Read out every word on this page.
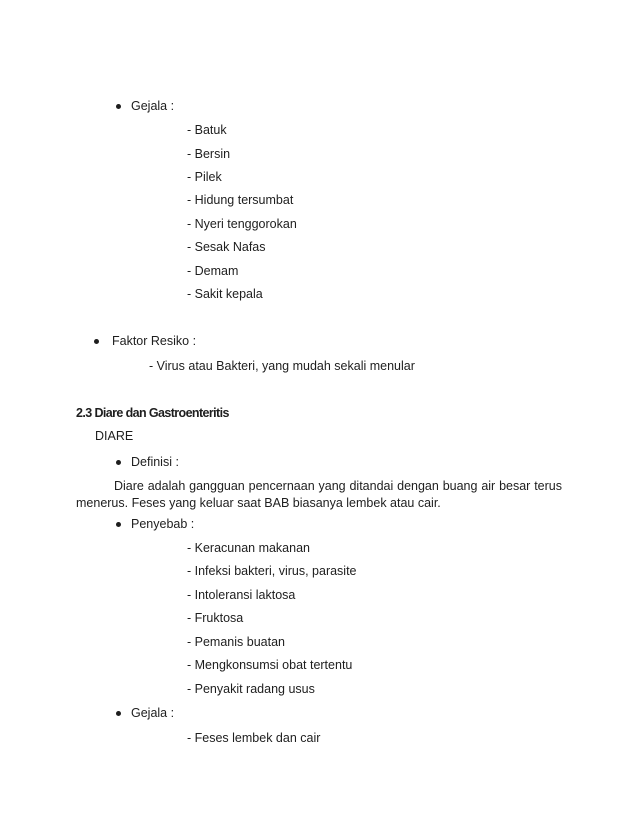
Gejala :
- Batuk
- Bersin
- Pilek
- Hidung tersumbat
- Nyeri tenggorokan
- Sesak Nafas
- Demam
- Sakit kepala
Faktor Resiko :
- Virus atau Bakteri, yang mudah sekali menular
2.3 Diare dan Gastroenteritis
DIARE
Definisi :
Diare adalah gangguan pencernaan yang ditandai dengan buang air besar terus menerus. Feses yang keluar saat BAB biasanya lembek atau cair.
Penyebab :
- Keracunan makanan
- Infeksi bakteri, virus, parasite
- Intoleransi laktosa
- Fruktosa
- Pemanis buatan
- Mengkonsumsi obat tertentu
- Penyakit radang usus
Gejala :
- Feses lembek dan cair
